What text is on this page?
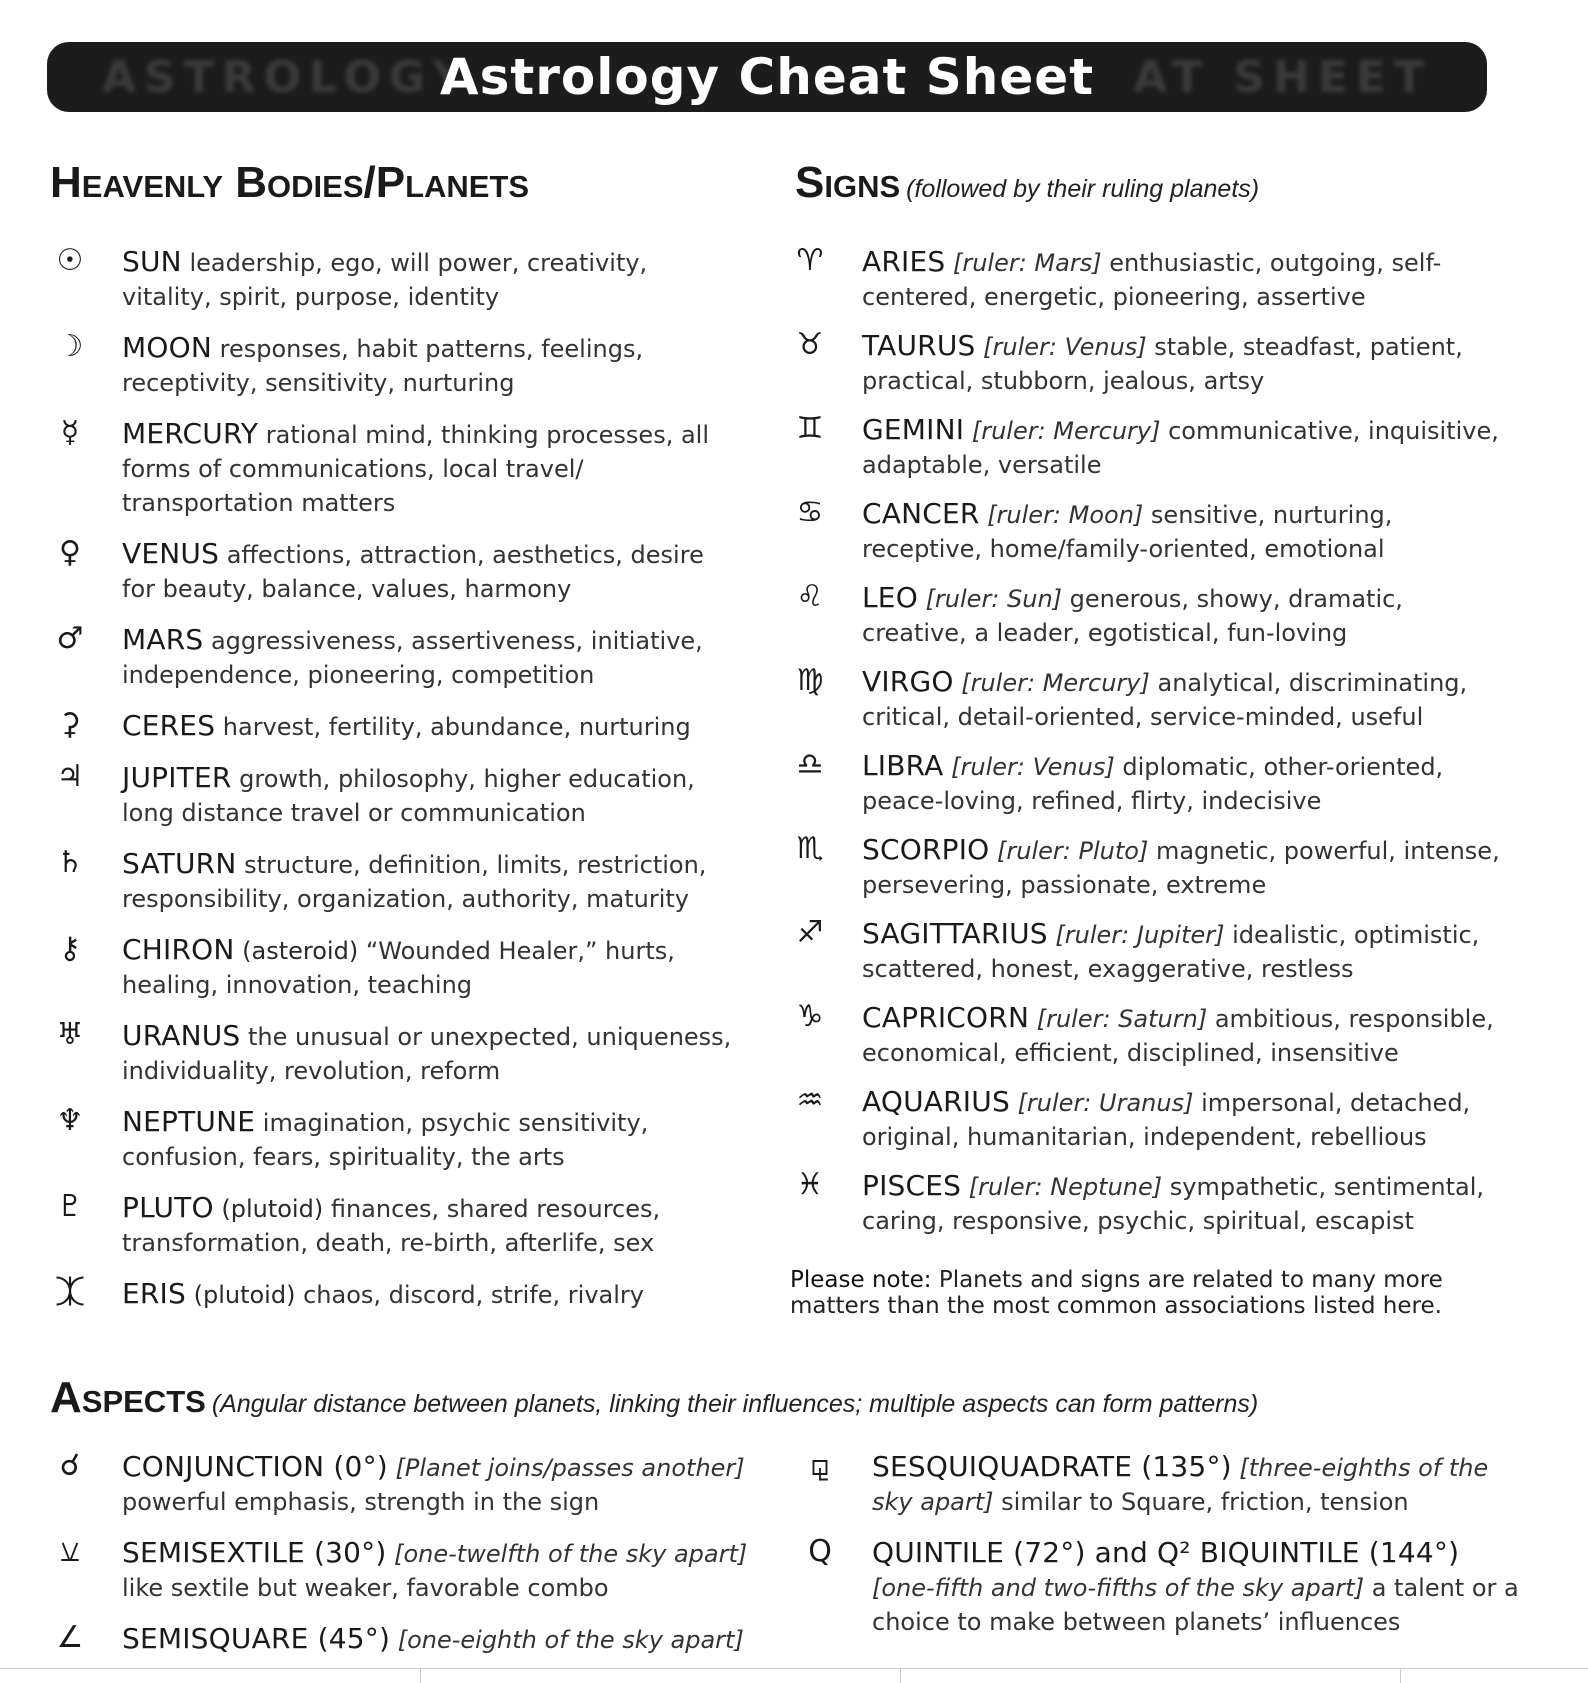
ASTROLOGY	AT SHEET
Astrology Cheat Sheet
Heavenly Bodies/Planets	Signs (followed by their ruling planets)
☉ SUN leadership, ego, will power, creativity, vitality, spirit, purpose, identity
☽ MOON responses, habit patterns, feelings, receptivity, sensitivity, nurturing
☿	MERCURY rational mind, thinking processes, all forms of communications, local travel/ transportation matters
♀	VENUS affections, attraction, aesthetics, desire for beauty, balance, values, harmony
♂ MARS aggressiveness, assertiveness, initiative, independence, pioneering, competition
⚳	CERES harvest, fertility, abundance, nurturing
♃ JUPITER growth, philosophy, higher education, long distance travel or communication
♄ SATURN structure, definition, limits, restriction, responsibility, organization, authority, maturity
⚷	CHIRON (asteroid) “Wounded Healer,” hurts, healing, innovation, teaching
♅ URANUS the unusual or unexpected, uniqueness, individuality, revolution, reform
♆ NEPTUNE imagination, psychic sensitivity, confusion, fears, spirituality, the arts
♇ PLUTO (plutoid) finances, shared resources, transformation, death, re-birth, afterlife, sex
⯰ ERIS (plutoid) chaos, discord, strife, rivalry
♈ ARIES [ruler: Mars] enthusiastic, outgoing, self-centered, energetic, pioneering, assertive
♉ TAURUS [ruler: Venus] stable, steadfast, patient, practical, stubborn, jealous, artsy
♊ GEMINI [ruler: Mercury] communicative, inquisitive, adaptable, versatile
♋ CANCER [ruler: Moon] sensitive, nurturing, receptive, home/family-oriented, emotional
♌ LEO [ruler: Sun] generous, showy, dramatic, creative, a leader, egotistical, fun-loving
♍ VIRGO [ruler: Mercury] analytical, discriminating, critical, detail-oriented, service-minded, useful
♎ LIBRA [ruler: Venus] diplomatic, other-oriented, peace-loving, refined, flirty, indecisive
♏ SCORPIO [ruler: Pluto] magnetic, powerful, intense, persevering, passionate, extreme
♐ SAGITTARIUS [ruler: Jupiter] idealistic, optimistic, scattered, honest, exaggerative, restless
♑ CAPRICORN [ruler: Saturn] ambitious, responsible, economical, efficient, disciplined, insensitive
♒ AQUARIUS [ruler: Uranus] impersonal, detached, original, humanitarian, independent, rebellious
♓ PISCES [ruler: Neptune] sympathetic, sentimental, caring, responsive, psychic, spiritual, escapist
Please note: Planets and signs are related to many more matters than the most common associations listed here.
Aspects (Angular distance between planets, linking their influences; multiple aspects can form patterns)
☌	CONJUNCTION (0°) [Planet joins/passes another] powerful emphasis, strength in the sign
⚺	SEMISEXTILE (30°) [one-twelfth of the sky apart] like sextile but weaker, favorable combo
∠ SEMISQUARE (45°) [one-eighth of the sky apart]
⚼	SESQUIQUADRATE (135°) [three-eighths of the sky apart] similar to Square, friction, tension
Q QUINTILE (72°) and Q² BIQUINTILE (144°) [one-fifth and two-fifths of the sky apart] a talent or a choice to make between planets’ influences
